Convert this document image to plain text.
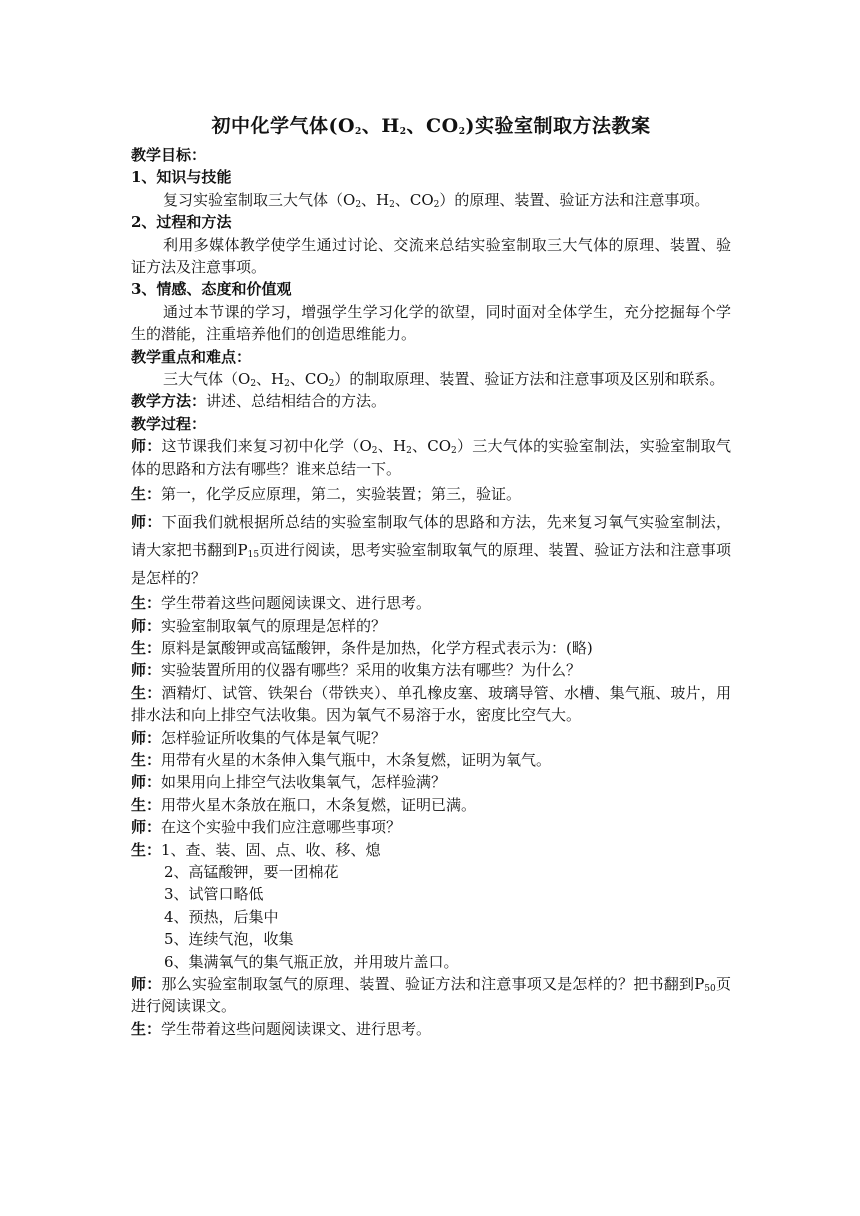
初中化学气体($O_2$、$H_2$、$CO_2$)实验室制取方法教案

教学目标：

1、知识与技能

复习实验室制取三大气体（$O_2$、$H_2$、$CO_2$）的原理、装置、验证方法和注意事项。

2、过程和方法

利用多媒体教学使学生通过讨论、交流来总结实验室制取三大气体的原理、装置、验证方法及注意事项。

3、情感、态度和价值观

通过本节课的学习，增强学生学习化学的欲望，同时面对全体学生，充分挖掘每个学生的潜能，注重培养他们的创造思维能力。

教学重点和难点：

三大气体（$O_2$、$H_2$、$CO_2$）的制取原理、装置、验证方法和注意事项及区别和联系。

教学方法：讲述、总结相结合的方法。

教学过程：

师：这节课我们来复习初中化学（$O_2$、$H_2$、$CO_2$）三大气体的实验室制法，实验室制取气体的思路和方法有哪些？谁来总结一下。

生：第一，化学反应原理，第二，实验装置；第三，验证。

师：下面我们就根据所总结的实验室制取气体的思路和方法，先来复习氧气实验室制法，请大家把书翻到$P_{15}$页进行阅读，思考实验室制取氧气的原理、装置、验证方法和注意事项是怎样的？

生：学生带着这些问题阅读课文、进行思考。

师：实验室制取氧气的原理是怎样的？

生：原料是氯酸钾或高锰酸钾，条件是加热，化学方程式表示为：(略)

师：实验装置所用的仪器有哪些？采用的收集方法有哪些？为什么？

生：酒精灯、试管、铁架台（带铁夹）、单孔橡皮塞、玻璃导管、水槽、集气瓶、玻片，用排水法和向上排空气法收集。因为氧气不易溶于水，密度比空气大。

师：怎样验证所收集的气体是氧气呢？

生：用带有火星的木条伸入集气瓶中，木条复燃，证明为氧气。

师：如果用向上排空气法收集氧气，怎样验满？

生：用带火星木条放在瓶口，木条复燃，证明已满。

师：在这个实验中我们应注意哪些事项？

生：1、查、装、固、点、收、移、熄

2、高锰酸钾，要一团棉花

3、试管口略低

4、预热，后集中

5、连续气泡，收集

6、集满氧气的集气瓶正放，并用玻片盖口。

师：那么实验室制取氢气的原理、装置、验证方法和注意事项又是怎样的？把书翻到$P_{50}$页进行阅读课文。

生：学生带着这些问题阅读课文、进行思考。
